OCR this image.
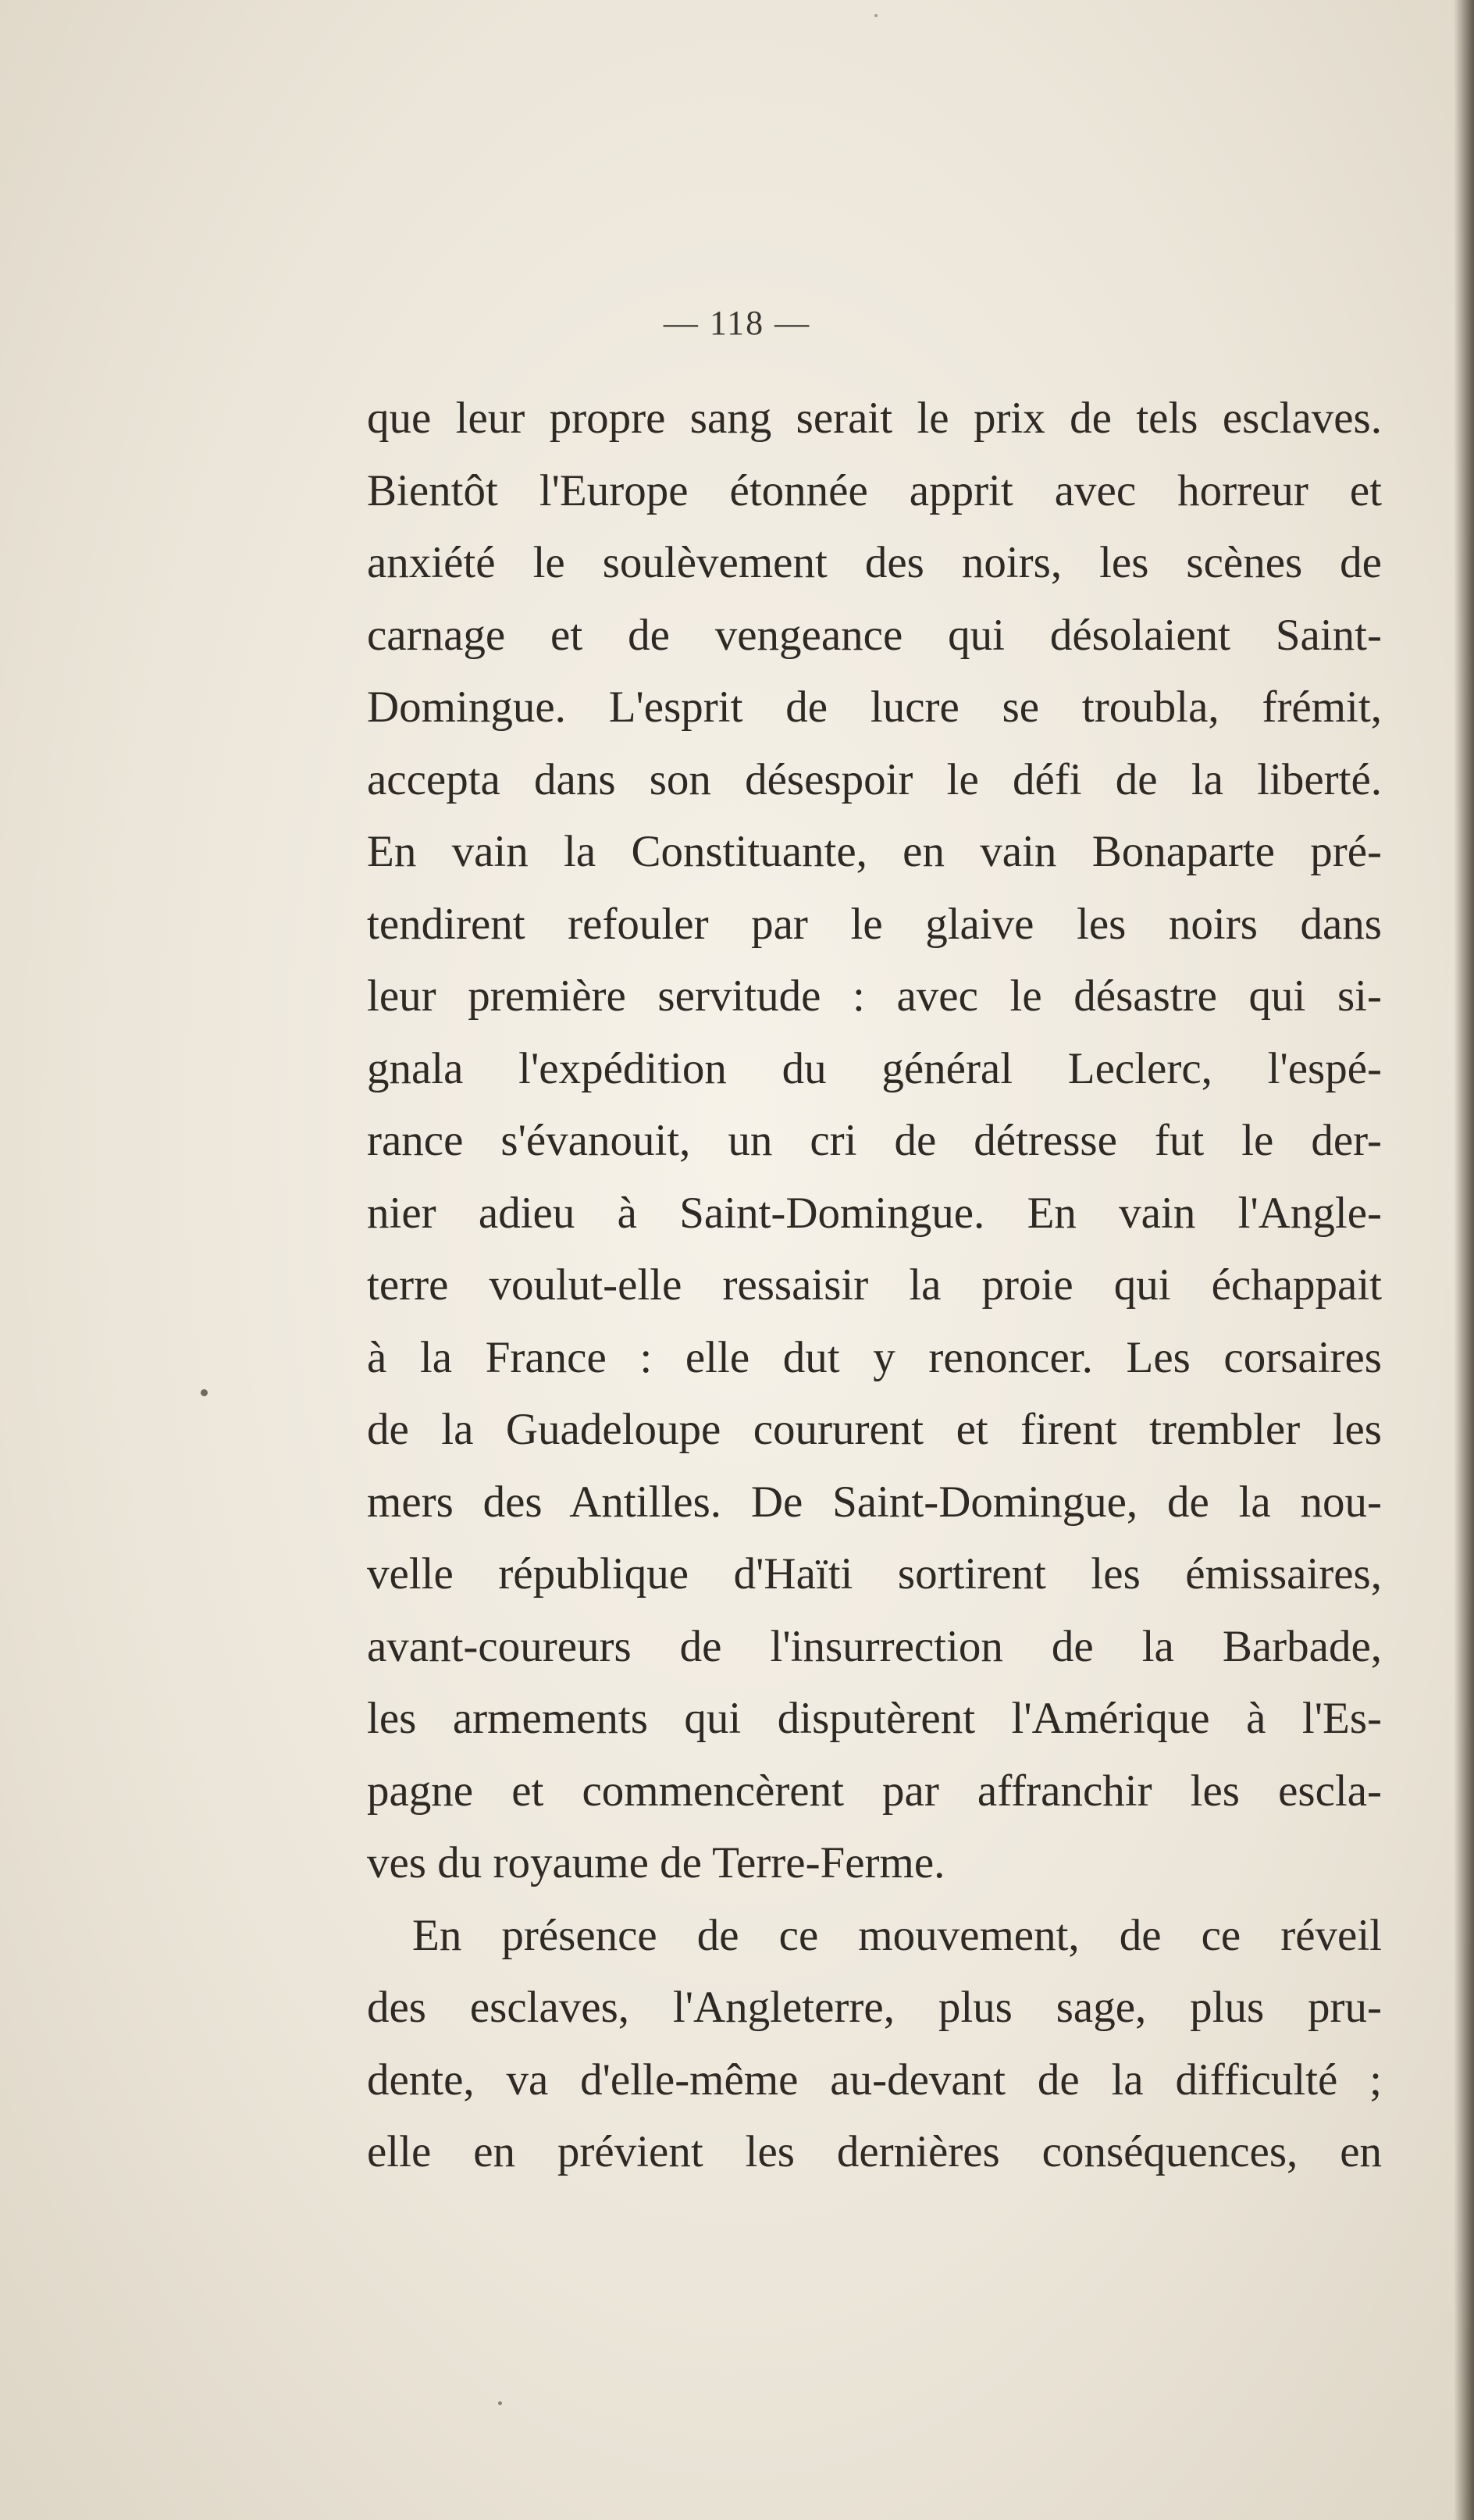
— 118 —
que leur propre sang serait le prix de tels esclaves.
Bientôt l'Europe étonnée apprit avec horreur et
anxiété le soulèvement des noirs, les scènes de
carnage et de vengeance qui désolaient Saint-
Domingue. L'esprit de lucre se troubla, frémit,
accepta dans son désespoir le défi de la liberté.
En vain la Constituante, en vain Bonaparte pré-
tendirent refouler par le glaive les noirs dans
leur première servitude : avec le désastre qui si-
gnala l'expédition du général Leclerc, l'espé-
rance s'évanouit, un cri de détresse fut le der-
nier adieu à Saint-Domingue. En vain l'Angle-
terre voulut-elle ressaisir la proie qui échappait
à la France : elle dut y renoncer. Les corsaires
de la Guadeloupe coururent et firent trembler les
mers des Antilles. De Saint-Domingue, de la nou-
velle république d'Haïti sortirent les émissaires,
avant-coureurs de l'insurrection de la Barbade,
les armements qui disputèrent l'Amérique à l'Es-
pagne et commencèrent par affranchir les escla-
ves du royaume de Terre-Ferme.
En présence de ce mouvement, de ce réveil
des esclaves, l'Angleterre, plus sage, plus pru-
dente, va d'elle-même au-devant de la difficulté ;
elle en prévient les dernières conséquences, en
